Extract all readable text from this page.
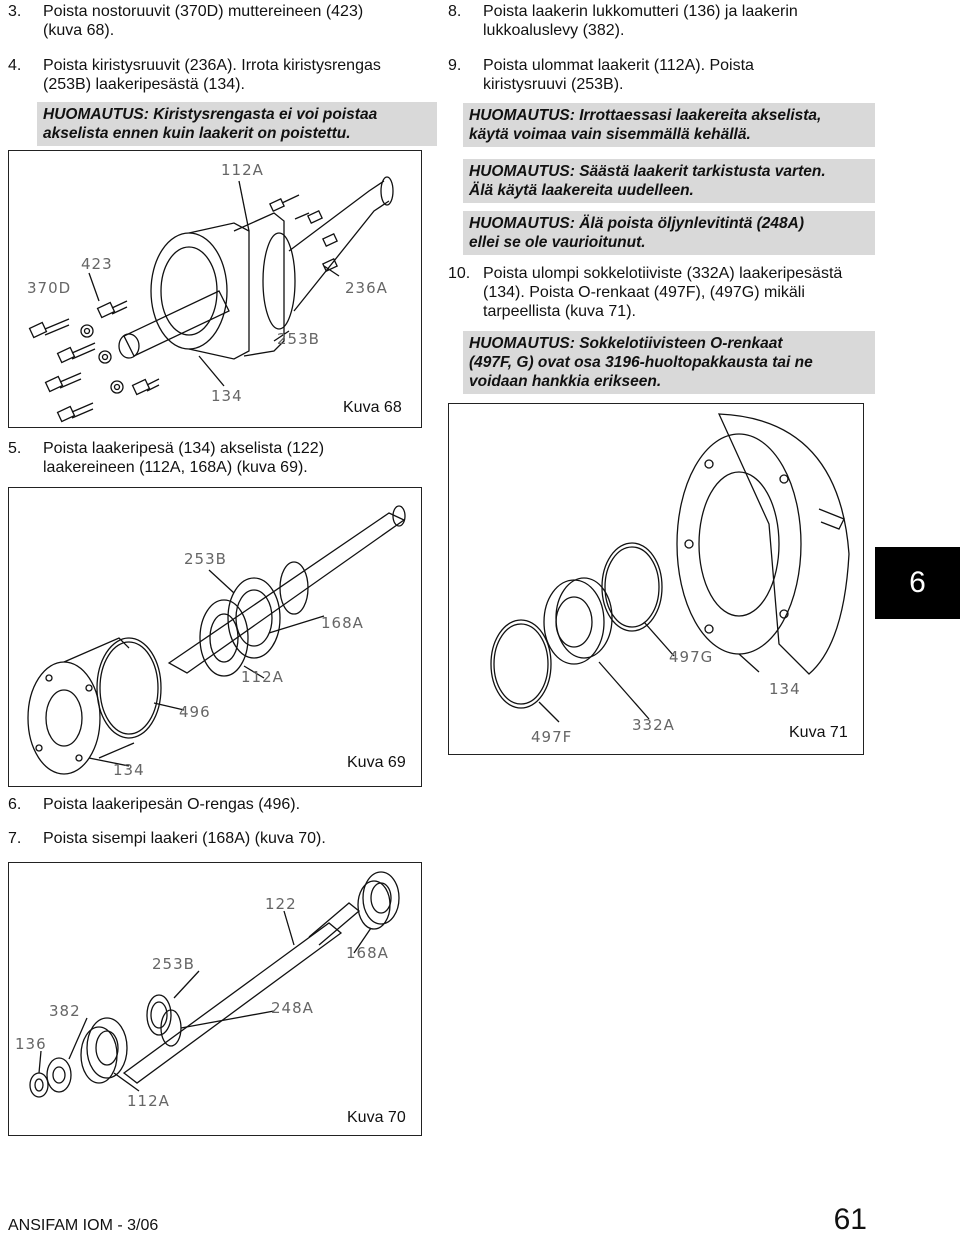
3. Poista nostoruuvit (370D) muttereineen (423)
(kuva 68).
4. Poista kiristysruuvit (236A). Irrota kiristysrengas
(253B) laakeripesästä (134).
HUOMAUTUS: Kiristysrengasta ei voi poistaa
akselista ennen kuin laakerit on poistettu.
112A
423
370D	236A
253B
134
Kuva 68
5. Poista laakeripesä (134) akselista (122)
laakereineen (112A, 168A) (kuva 69).
253B
168A
112A
496
134	Kuva 69
6. Poista laakeripesän O-rengas (496).
7. Poista sisempi laakeri (168A) (kuva 70).
122
253B
168A
382	248A
136
112A
Kuva 70
8. Poista laakerin lukkomutteri (136) ja laakerin
lukkoaluslevy (382).
9. Poista ulommat laakerit (112A). Poista
kiristysruuvi (253B).
HUOMAUTUS: Irrottaessasi laakereita akselista,
käytä voimaa vain sisemmällä kehällä.
HUOMAUTUS: Säästä laakerit tarkistusta varten.
Älä käytä laakereita uudelleen.
HUOMAUTUS: Älä poista öljynlevitintä (248A)
ellei se ole vaurioitunut.
10. Poista ulompi sokkelotiiviste (332A) laakeripesästä
(134). Poista O-renkaat (497F), (497G) mikäli
tarpeellista (kuva 71).
HUOMAUTUS: Sokkelotiivisteen O-renkaat
(497F, G) ovat osa 3196-huoltopakkausta tai ne
voidaan hankkia erikseen.
497G
134
497F
332A	Kuva 71
6
ANSIFAM IOM - 3/06	61
